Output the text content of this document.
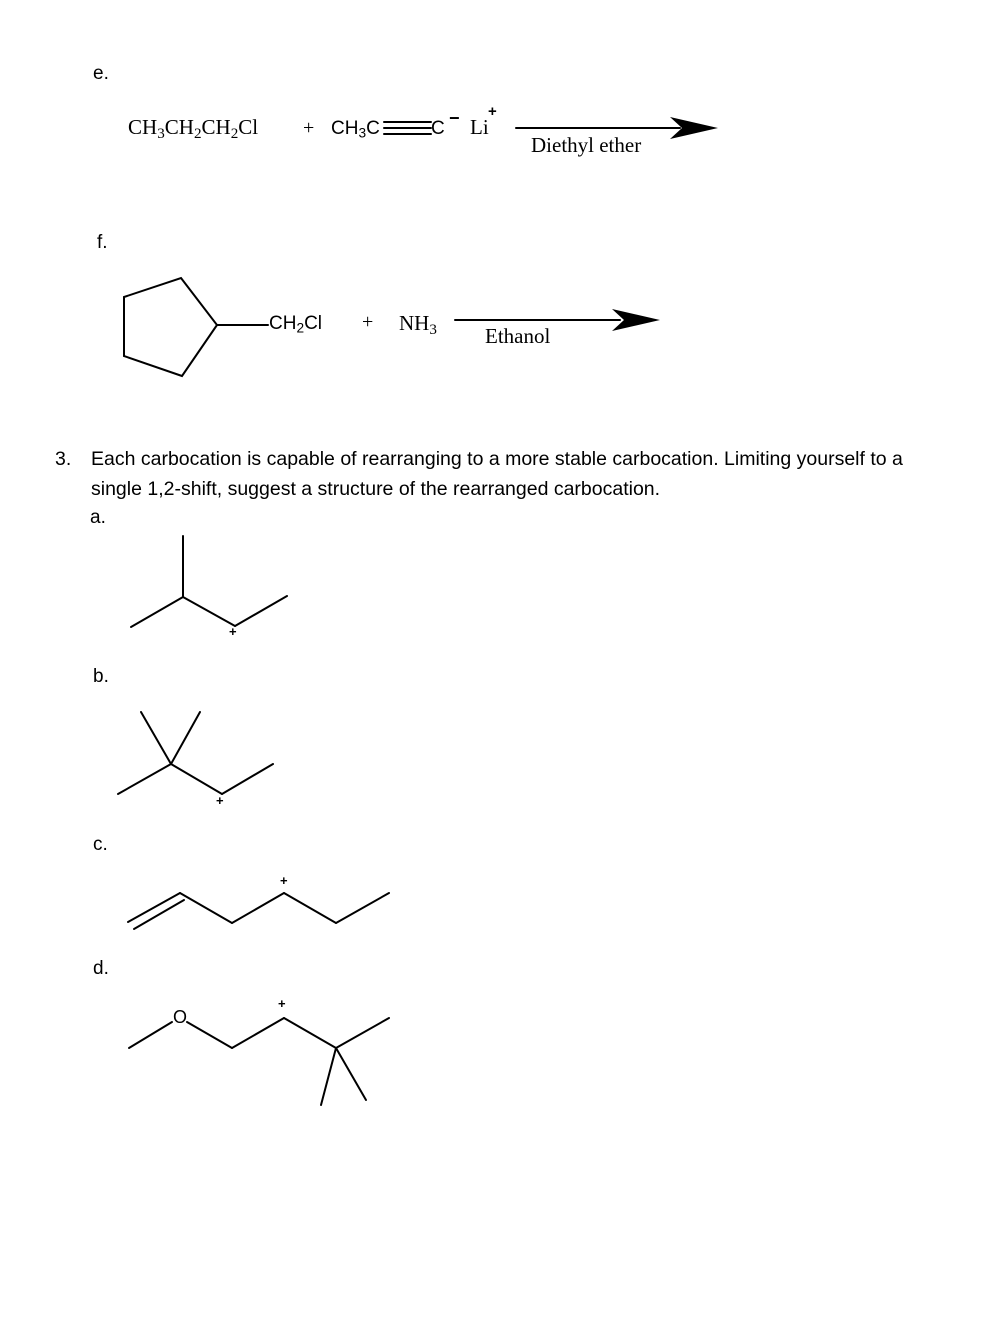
e.
$CH_3CH_2CH_2Cl + CH_3C$	C − Li
+
Diethyl ether
f.
$CH_2Cl + NH_3$ Ethanol
3. Each carbocation is capable of rearranging to a more stable carbocation. Limiting yourself to a single 1,2-shift, suggest a structure of the rearranged carbocation.
a.
b.
c.
d.
+
+
+
+
O
